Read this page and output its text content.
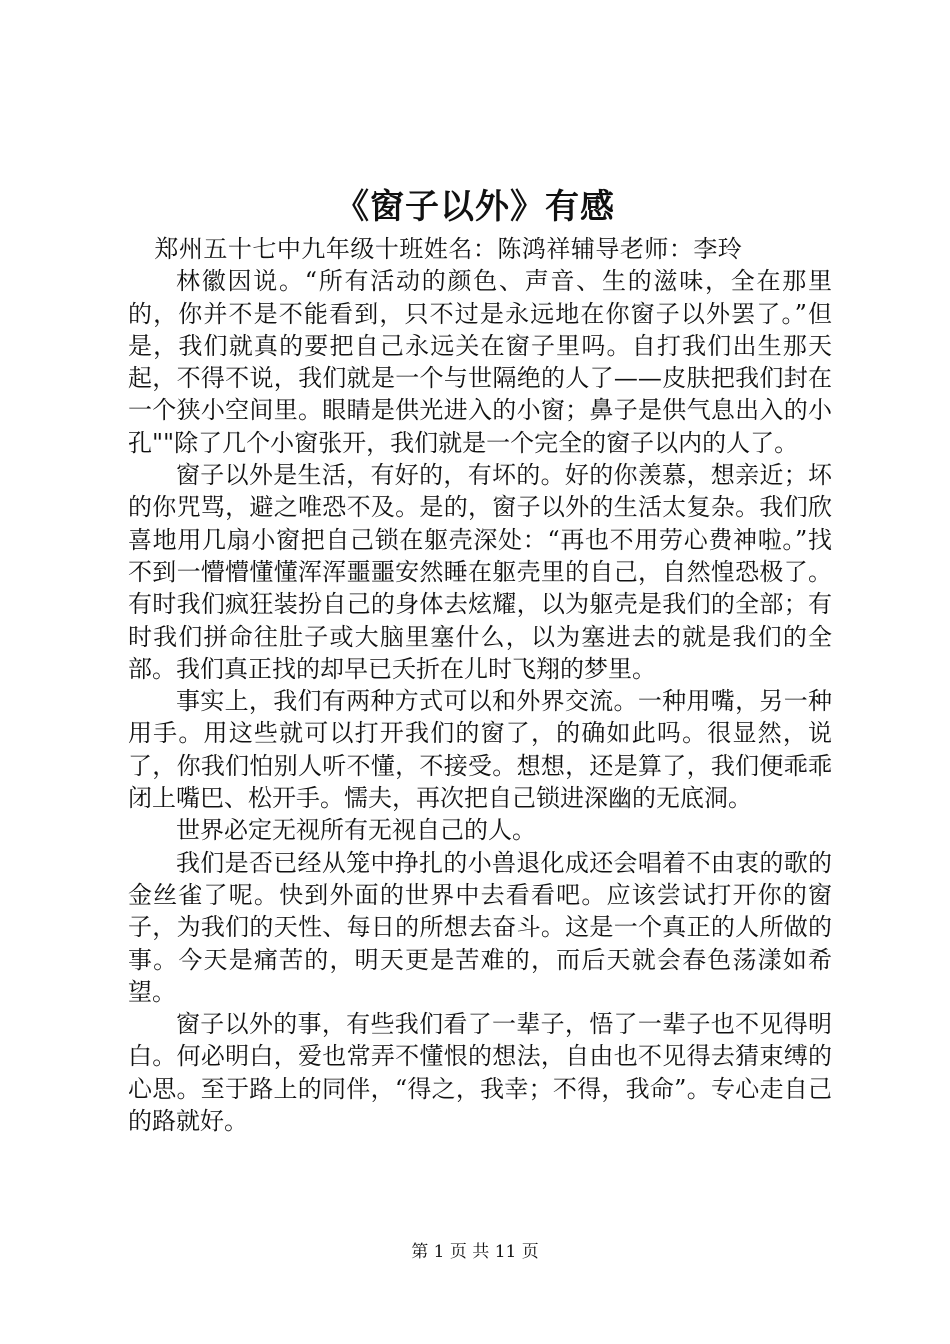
《窗子以外》有感

郑州五十七中九年级十班姓名：陈鸿祥辅导老师：李玲

林徽因说。“所有活动的颜色、声音、生的滋味，全在那里的，你并不是不能看到，只不过是永远地在你窗子以外罢了。”但是，我们就真的要把自己永远关在窗子里吗。自打我们出生那天起，不得不说，我们就是一个与世隔绝的人了——皮肤把我们封在一个狭小空间里。眼睛是供光进入的小窗；鼻子是供气息出入的小孔""除了几个小窗张开，我们就是一个完全的窗子以内的人了。

窗子以外是生活，有好的，有坏的。好的你羡慕，想亲近；坏的你咒骂，避之唯恐不及。是的，窗子以外的生活太复杂。我们欣喜地用几扇小窗把自己锁在躯壳深处：“再也不用劳心费神啦。”找不到一懵懵懂懂浑浑噩噩安然睡在躯壳里的自己，自然惶恐极了。有时我们疯狂装扮自己的身体去炫耀，以为躯壳是我们的全部；有时我们拼命往肚子或大脑里塞什么，以为塞进去的就是我们的全部。我们真正找的却早已夭折在儿时飞翔的梦里。

事实上，我们有两种方式可以和外界交流。一种用嘴，另一种用手。用这些就可以打开我们的窗了，的确如此吗。很显然，说了，你我们怕别人听不懂，不接受。想想，还是算了，我们便乖乖闭上嘴巴、松开手。懦夫，再次把自己锁进深幽的无底洞。

世界必定无视所有无视自己的人。

我们是否已经从笼中挣扎的小兽退化成还会唱着不由衷的歌的金丝雀了呢。快到外面的世界中去看看吧。应该尝试打开你的窗子，为我们的天性、每日的所想去奋斗。这是一个真正的人所做的事。今天是痛苦的，明天更是苦难的，而后天就会春色荡漾如希望。

窗子以外的事，有些我们看了一辈子，悟了一辈子也不见得明白。何必明白，爱也常弄不懂恨的想法，自由也不见得去猜束缚的心思。至于路上的同伴，“得之，我幸；不得，我命”。专心走自己的路就好。

第 1 页 共 11 页
